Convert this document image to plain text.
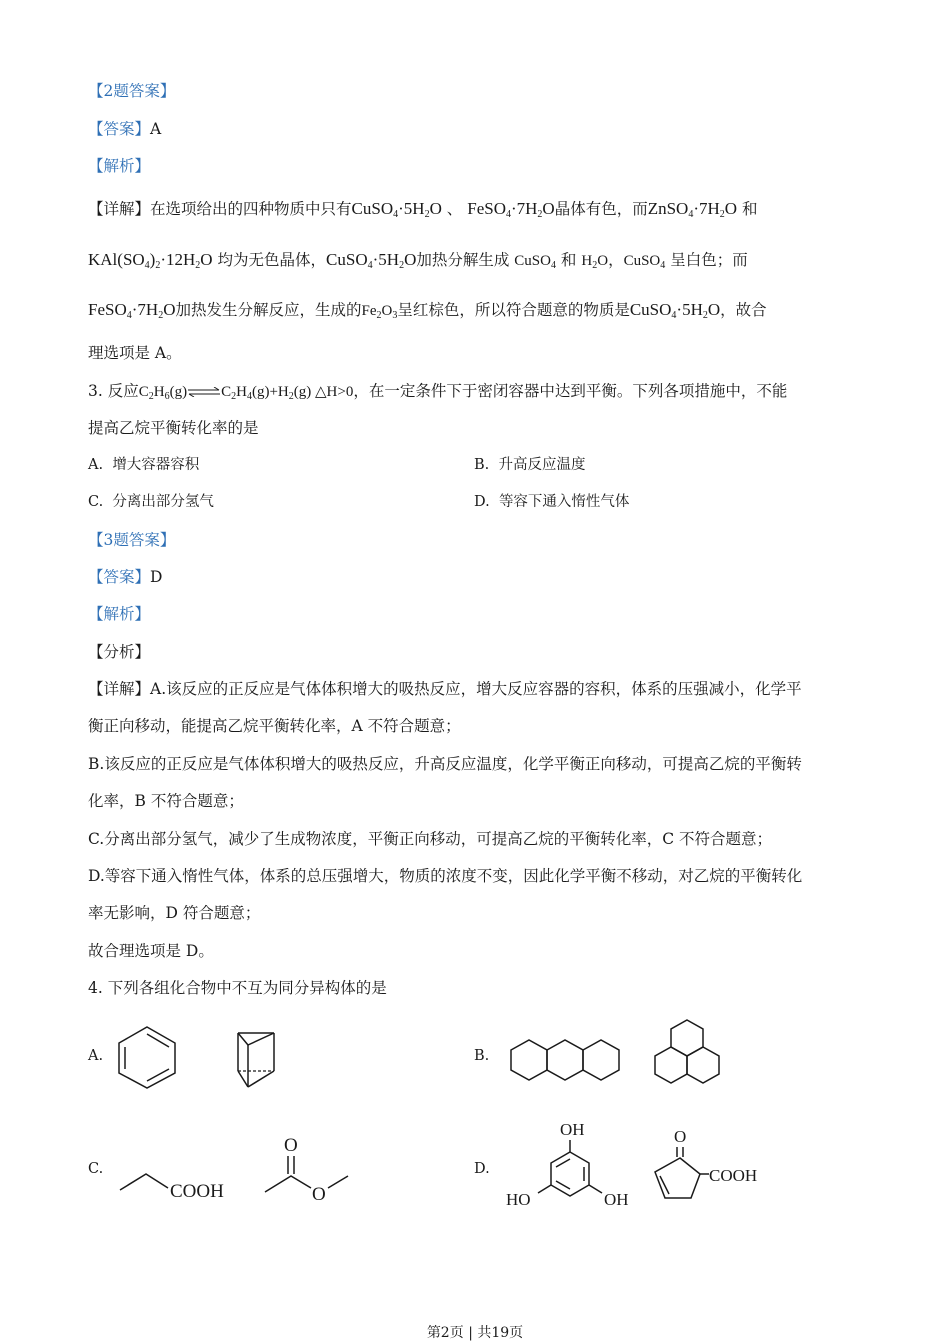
【2题答案】
【答案】A
【解析】
【详解】在选项给出的四种物质中只有$CuSO_4\cdot 5H_2O$ 、 $FeSO_4\cdot 7H_2O$晶体有色，而$ZnSO_4\cdot 7H_2O$ 和
$KAl(SO_4)_2\cdot 12H_2O$ 均为无色晶体，$CuSO_4\cdot 5H_2O$加热分解生成 CuSO$_4$ 和 $H_2O$，CuSO$_4$ 呈白色；而
$FeSO_4\cdot 7H_2O$加热发生分解反应，生成的$Fe_2O_3$呈红棕色，所以符合题意的物质是$CuSO_4\cdot 5H_2O$，故合
理选项是 A。
3. 反应$C_2H_6(g)\rightleftharpoons C_2H_4(g)+H_2(g)$ △H>0，在一定条件下于密闭容器中达到平衡。下列各项措施中，不能
提高乙烷平衡转化率的是
A. 增大容器容积	B. 升高反应温度
C. 分离出部分氢气	D. 等容下通入惰性气体
【3题答案】
【答案】D
【解析】
【分析】
【详解】A.该反应的正反应是气体体积增大的吸热反应，增大反应容器的容积，体系的压强减小，化学平
衡正向移动，能提高乙烷平衡转化率，A 不符合题意；
B.该反应的正反应是气体体积增大的吸热反应，升高反应温度，化学平衡正向移动，可提高乙烷的平衡转
化率，B 不符合题意；
C.分离出部分氢气，减少了生成物浓度，平衡正向移动，可提高乙烷的平衡转化率，C 不符合题意；
D.等容下通入惰性气体，体系的总压强增大，物质的浓度不变，因此化学平衡不移动，对乙烷的平衡转化
率无影响，D 符合题意；
故合理选项是 D。
4. 下列各组化合物中不互为同分异构体的是
A.	B.
C.	D.
COOH
O
O
OH
HO	OH
O
COOH
第2页 | 共19页
